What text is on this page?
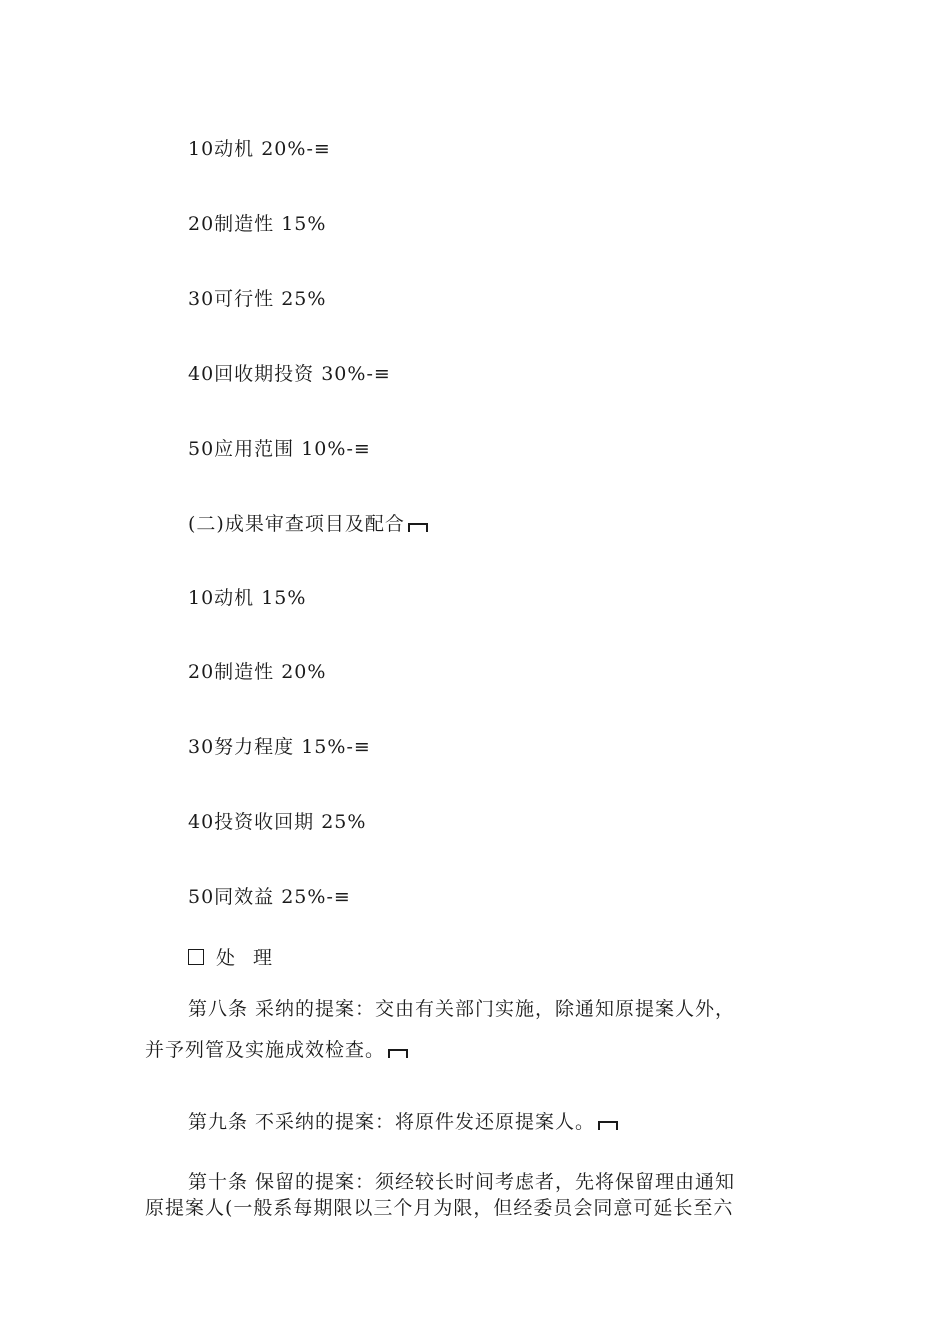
10动机 20%-≡
20制造性 15%
30可行性 25%
40回收期投资 30%-≡
50应用范围 10%-≡
(二)成果审查项目及配合
10动机 15%
20制造性 20%
30努力程度 15%-≡
40投资收回期 25%
50同效益 25%-≡
处 理
第八条 采纳的提案：交由有关部门实施，除通知原提案人外，
并予列管及实施成效检查。
第九条 不采纳的提案：将原件发还原提案人。
第十条 保留的提案：须经较长时间考虑者，先将保留理由通知
原提案人(一般系每期限以三个月为限，但经委员会同意可延长至六
